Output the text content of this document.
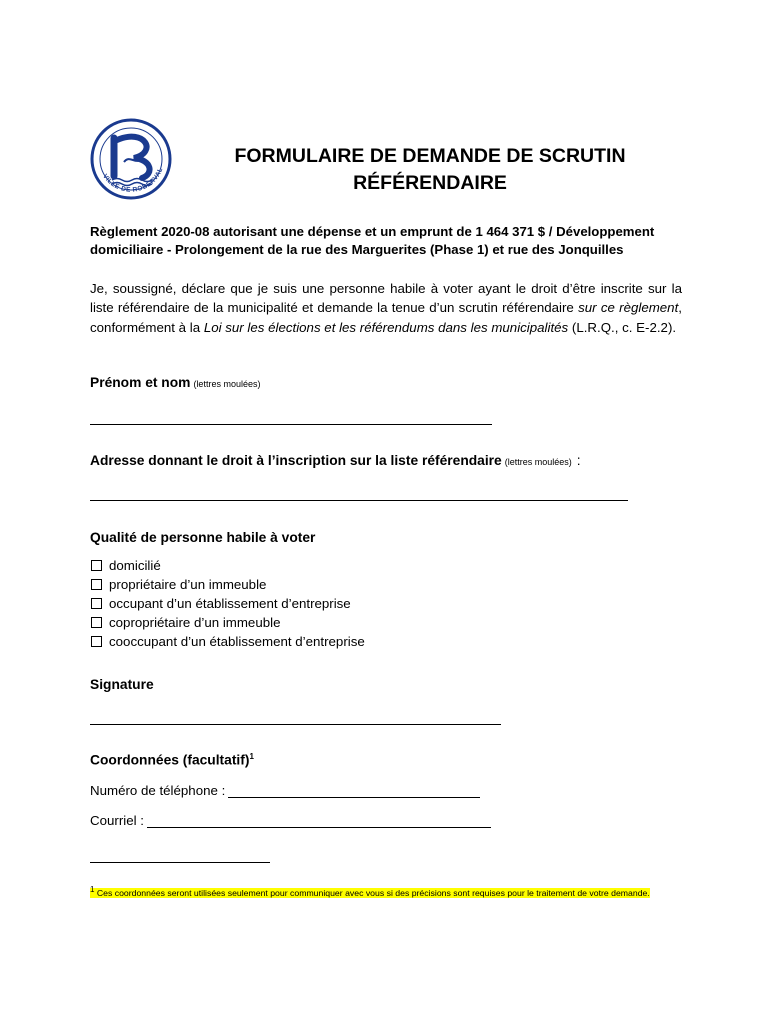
VILLE DE ROBERVAL
FORMULAIRE DE DEMANDE DE SCRUTIN
RÉFÉRENDAIRE
Règlement 2020-08 autorisant une dépense et un emprunt de 1 464 371 $ / Développement
domiciliaire - Prolongement de la rue des Marguerites (Phase 1) et rue des Jonquilles
Je, soussigné, déclare que je suis une personne habile à voter ayant le droit d’être inscrite sur la liste référendaire de la municipalité et demande la tenue d’un scrutin référendaire sur ce règlement, conformément à la Loi sur les élections et les référendums dans les municipalités (L.R.Q., c. E-2.2).
Prénom et nom (lettres moulées)
Adresse donnant le droit à l’inscription sur la liste référendaire (lettres moulées) :
Qualité de personne habile à voter
domicilié
propriétaire d’un immeuble
occupant d’un établissement d’entreprise
copropriétaire d’un immeuble
cooccupant d’un établissement d’entreprise
Signature
Coordonnées (facultatif)$^1$
Numéro de téléphone :
Courriel :
$^1$ Ces coordonnées seront utilisées seulement pour communiquer avec vous si des précisions sont requises pour le traitement de votre demande.
